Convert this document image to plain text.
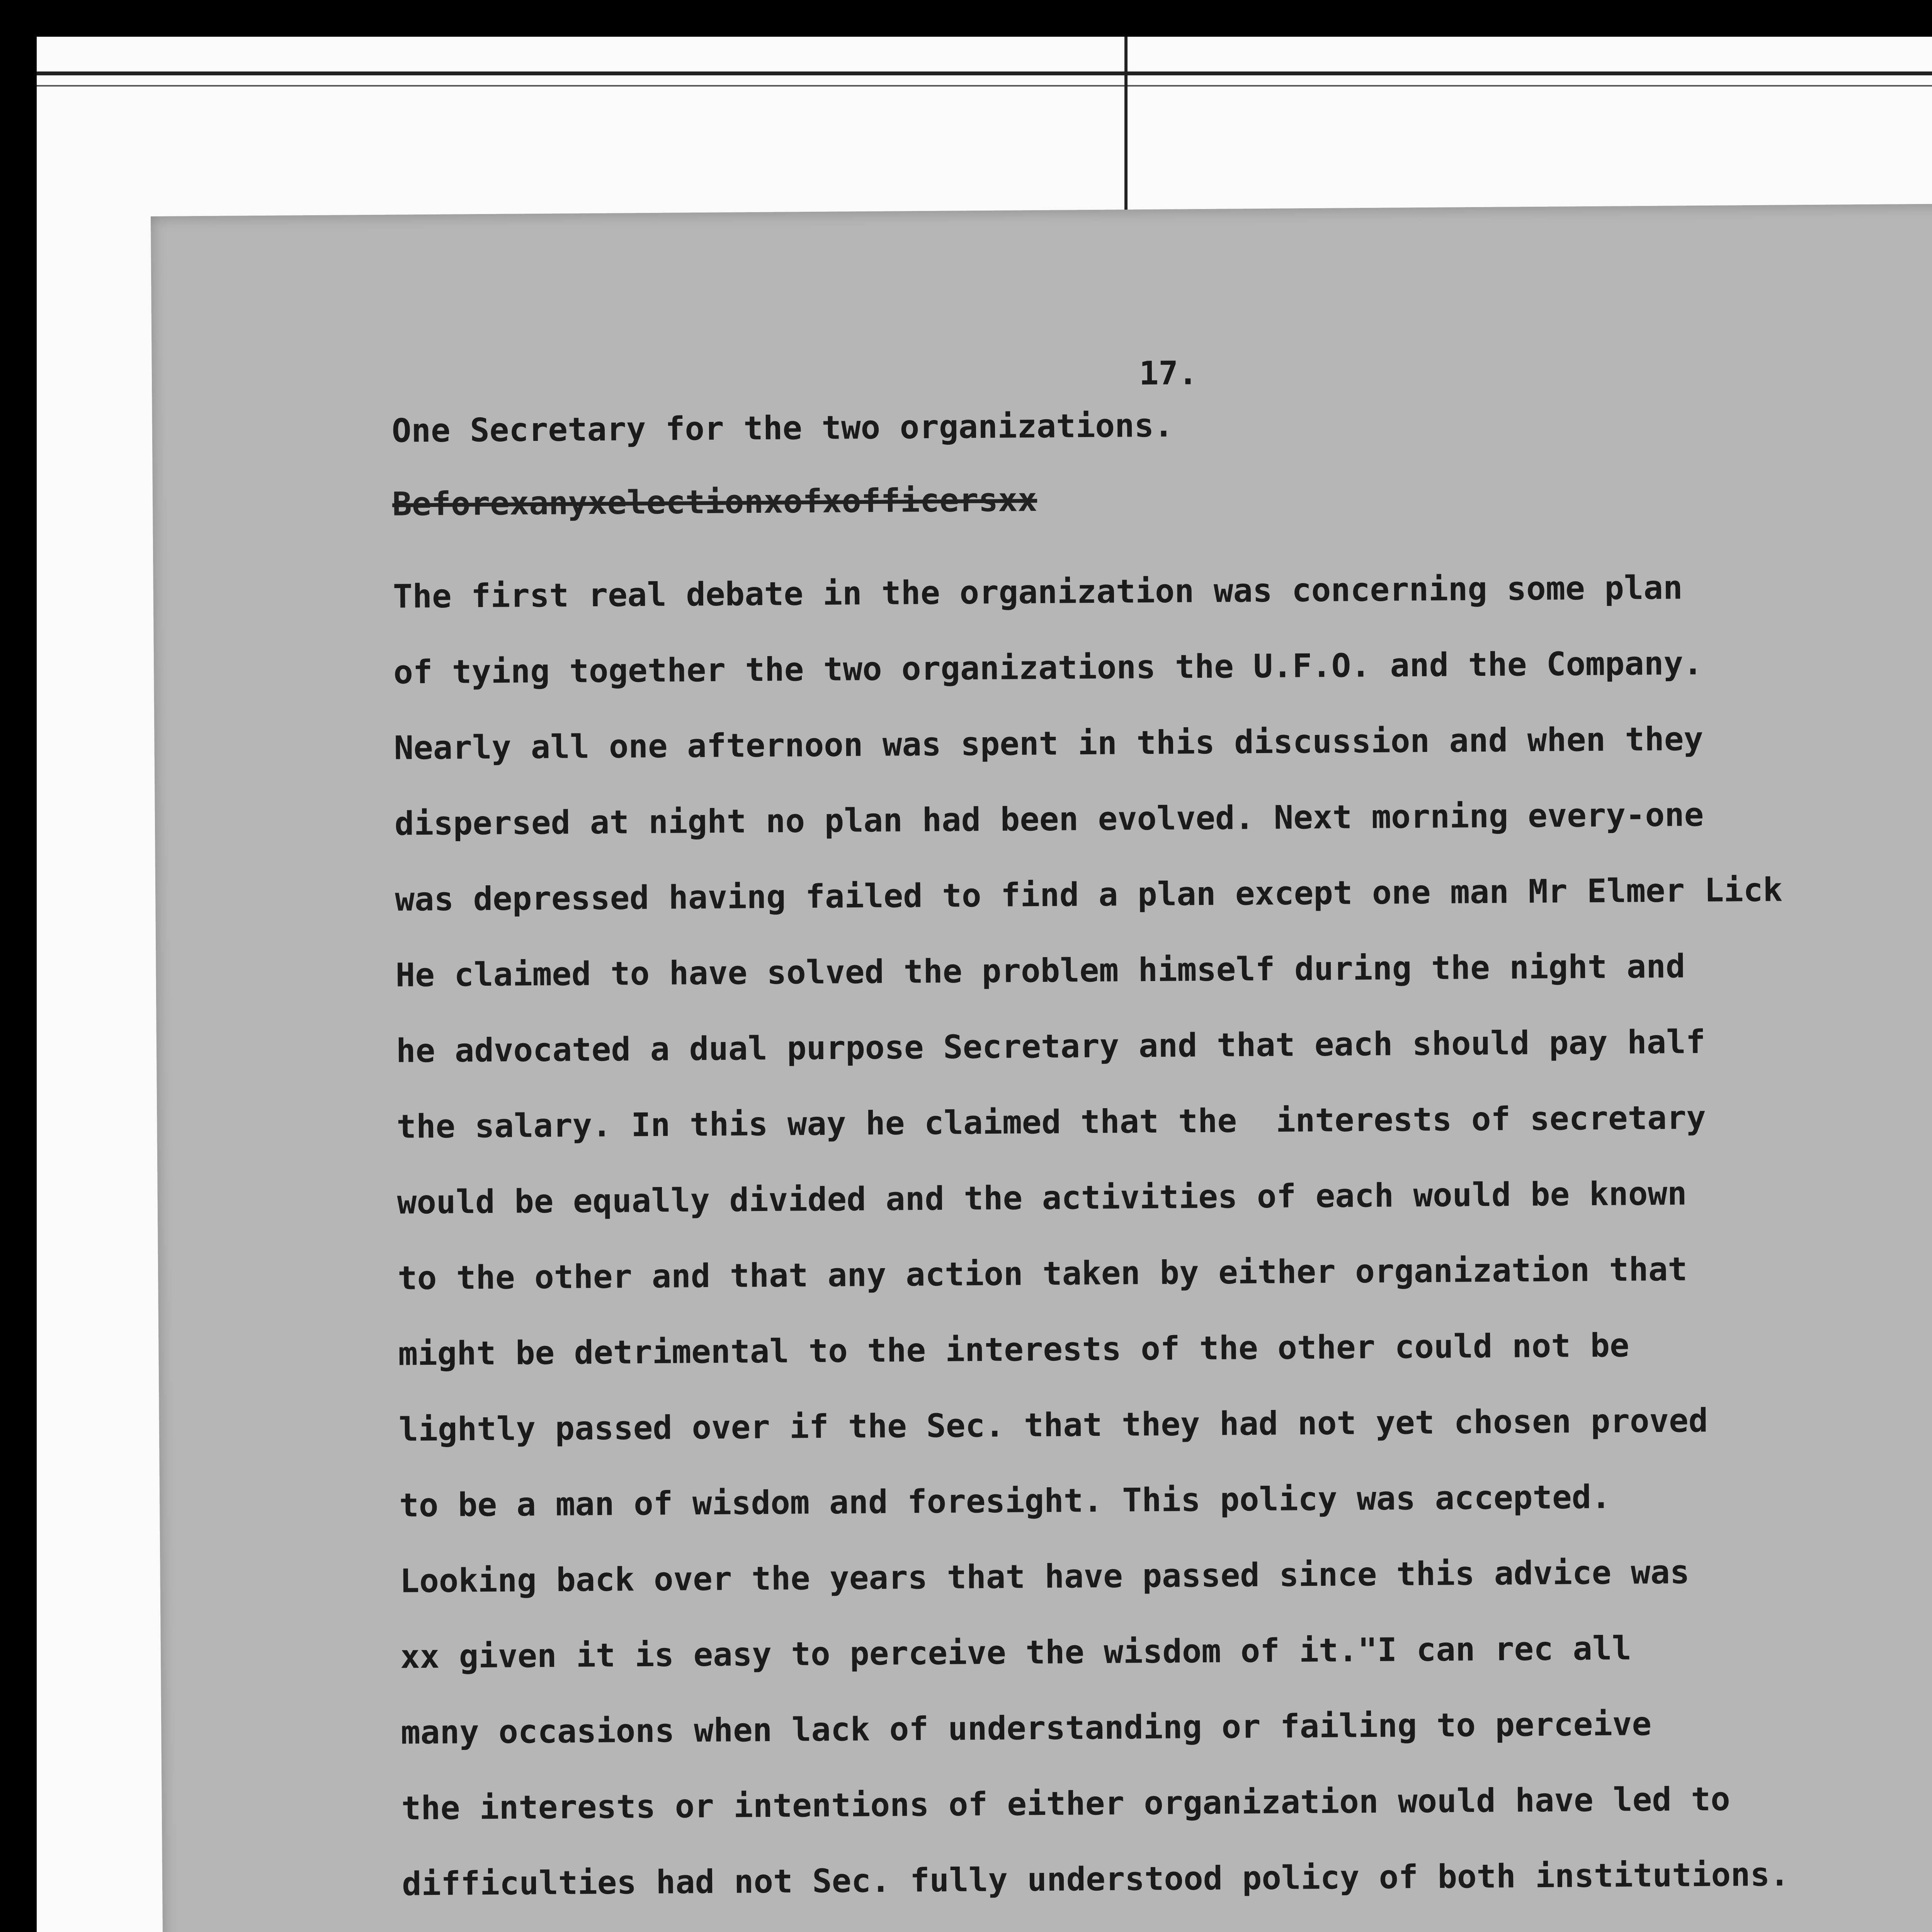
17.
One Secretary for the two organizations.
Beforexanyxelectionxofxofficersxx
The first real debate in the organization was concerning some plan
of tying together the two organizations the U.F.O. and the Company.
Nearly all one afternoon was spent in this discussion and when they
dispersed at night no plan had been evolved. Next morning every-one
was depressed having failed to find a plan except one man Mr Elmer Lick
He claimed to have solved the problem himself during the night and
he advocated a dual purpose Secretary and that each should pay half
the salary. In this way he claimed that the  interests of secretary
would be equally divided and the activities of each would be known
to the other and that any action taken by either organization that
might be detrimental to the interests of the other could not be
lightly passed over if the Sec. that they had not yet chosen proved
to be a man of wisdom and foresight. This policy was accepted.
Looking back over the years that have passed since this advice was
xx given it is easy to perceive the wisdom of it."I can rec all
many occasions when lack of understanding or failing to perceive
the interests or intentions of either organization would have led to
difficulties had not Sec. fully understood policy of both institutions.
